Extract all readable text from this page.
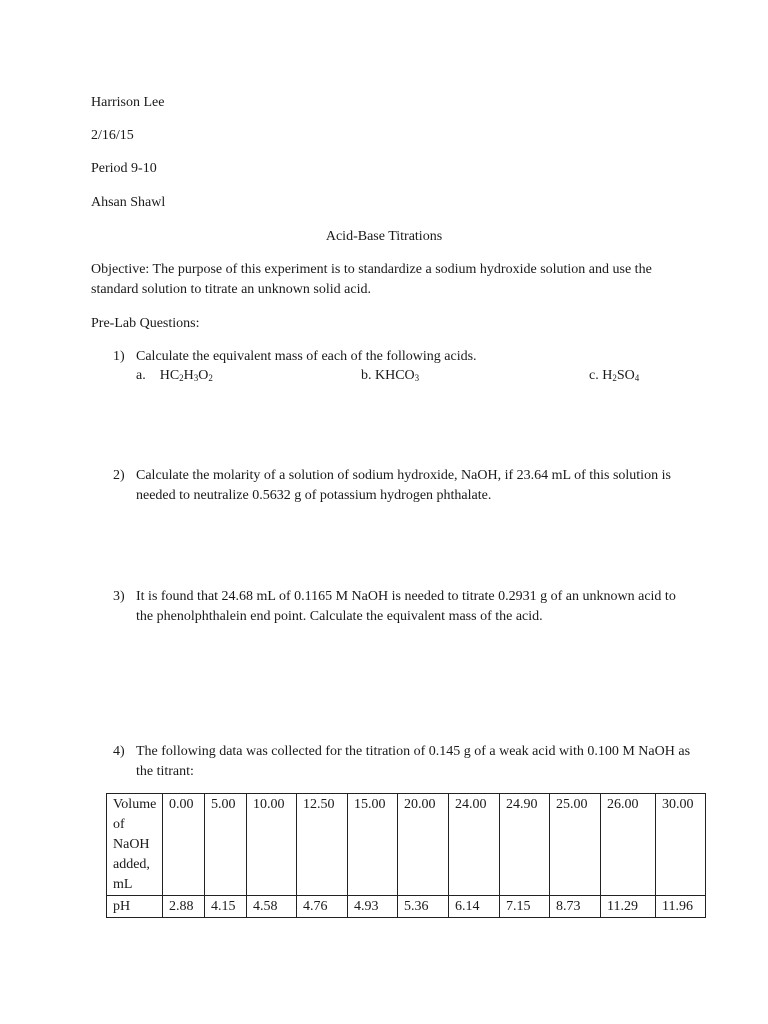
Harrison Lee
2/16/15
Period 9-10
Ahsan Shawl
Acid-Base Titrations
Objective: The purpose of this experiment is to standardize a sodium hydroxide solution and use the standard solution to titrate an unknown solid acid.
Pre-Lab Questions:
1) Calculate the equivalent mass of each of the following acids.
a. $HC_2H_3O_2$	b. $KHCO_3$	c. $H_2SO_4$
2) Calculate the molarity of a solution of sodium hydroxide, NaOH, if 23.64 mL of this solution is needed to neutralize 0.5632 g of potassium hydrogen phthalate.
3) It is found that 24.68 mL of 0.1165 M NaOH is needed to titrate 0.2931 g of an unknown acid to the phenolphthalein end point. Calculate the equivalent mass of the acid.
4) The following data was collected for the titration of 0.145 g of a weak acid with 0.100 M NaOH as the titrant:
Volume
of
NaOH
added,
mL	0.00	5.00	10.00	12.50	15.00	20.00	24.00	24.90	25.00	26.00	30.00
pH	2.88	4.15	4.58	4.76	4.93	5.36	6.14	7.15	8.73	11.29	11.96
